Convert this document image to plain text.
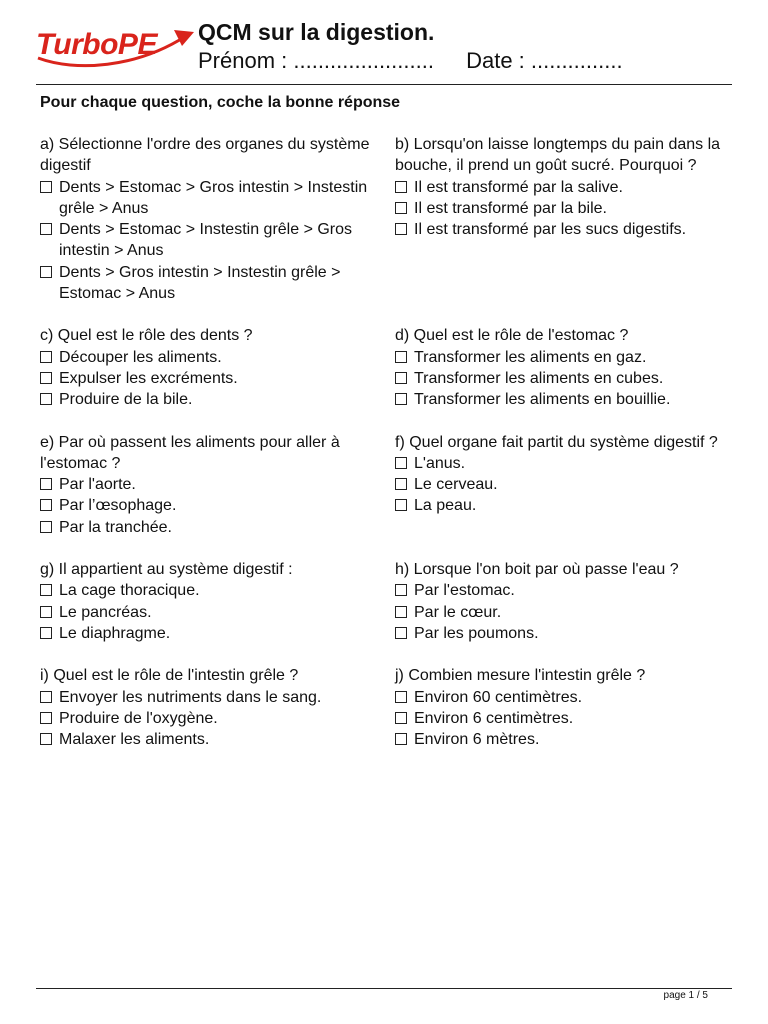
TurboPE QCM sur la digestion.
Prénom : ....................... Date : ...............
Pour chaque question, coche la bonne réponse
a) Sélectionne l'ordre des organes du système digestif
Dents > Estomac > Gros intestin > Instestin grêle > Anus
Dents > Estomac > Instestin grêle > Gros intestin > Anus
Dents > Gros intestin > Instestin grêle > Estomac > Anus
b) Lorsqu'on laisse longtemps du pain dans la bouche, il prend un goût sucré. Pourquoi ?
Il est transformé par la salive.
Il est transformé par la bile.
Il est transformé par les sucs digestifs.
c) Quel est le rôle des dents ?
Découper les aliments.
Expulser les excréments.
Produire de la bile.
d) Quel est le rôle de l'estomac ?
Transformer les aliments en gaz.
Transformer les aliments en cubes.
Transformer les aliments en bouillie.
e) Par où passent les aliments pour aller à l'estomac ?
Par l'aorte.
Par l’œsophage.
Par la tranchée.
f) Quel organe fait partit du système digestif ?
L'anus.
Le cerveau.
La peau.
g) Il appartient au système digestif :
La cage thoracique.
Le pancréas.
Le diaphragme.
h) Lorsque l'on boit par où passe l'eau ?
Par l'estomac.
Par le cœur.
Par les poumons.
i) Quel est le rôle de l'intestin grêle ?
Envoyer les nutriments dans le sang.
Produire de l'oxygène.
Malaxer les aliments.
j) Combien mesure l'intestin grêle ?
Environ 60 centimètres.
Environ 6 centimètres.
Environ 6 mètres.
page 1 / 5
